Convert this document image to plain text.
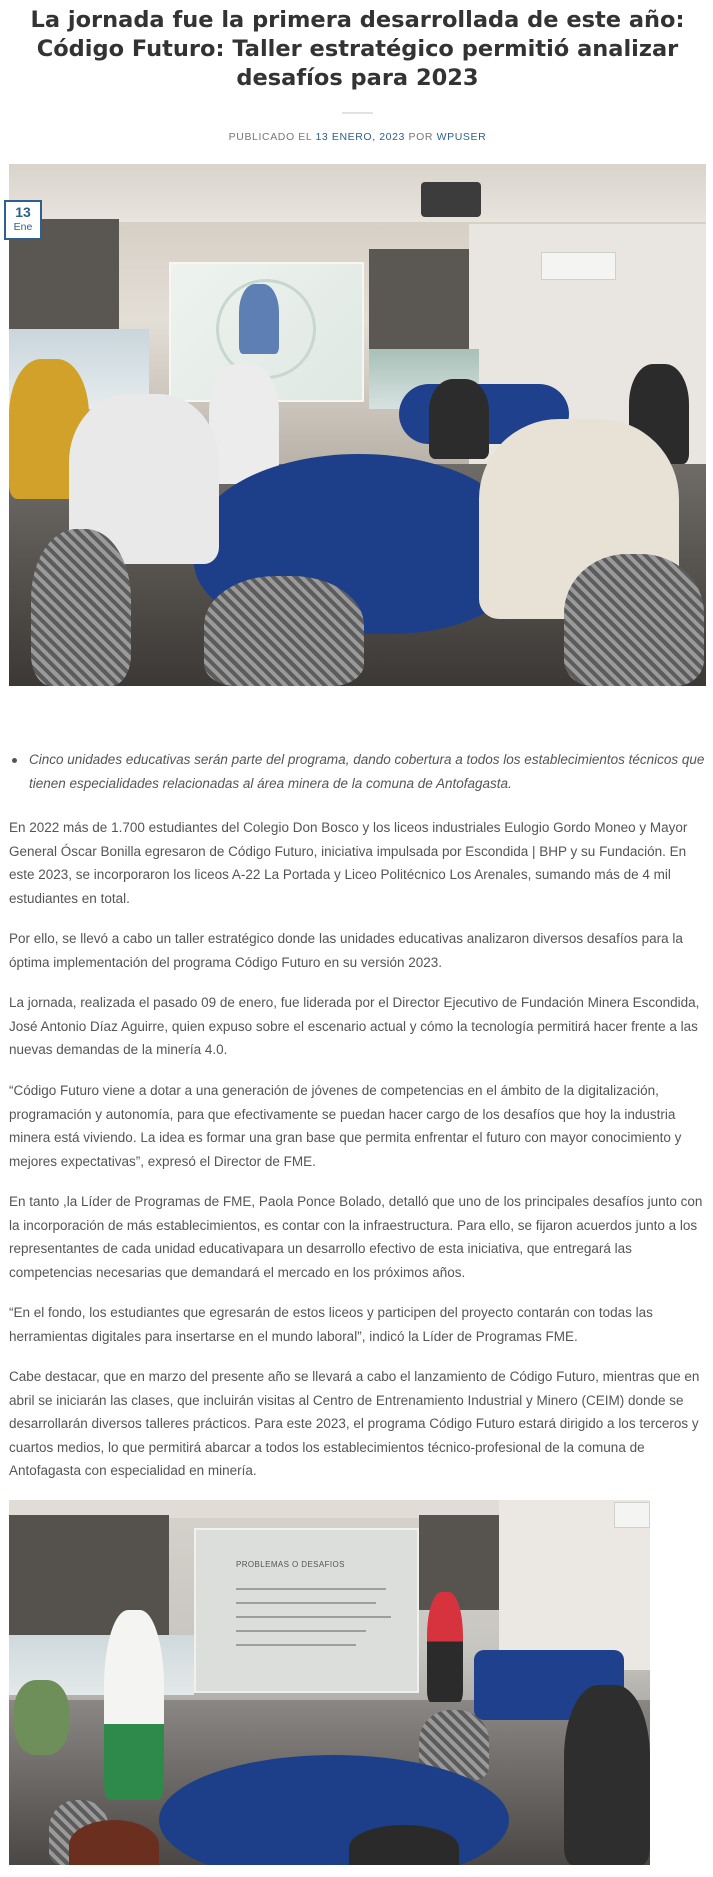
La jornada fue la primera desarrollada de este año: Código Futuro: Taller estratégico permitió analizar desafíos para 2023
PUBLICADO EL 13 ENERO, 2023 POR WPUSER
13
Ene
Cinco unidades educativas serán parte del programa, dando cobertura a todos los establecimientos técnicos que tienen especialidades relacionadas al área minera de la comuna de Antofagasta.

En 2022 más de 1.700 estudiantes del Colegio Don Bosco y los liceos industriales Eulogio Gordo Moneo y Mayor General Óscar Bonilla egresaron de Código Futuro, iniciativa impulsada por Escondida | BHP y su Fundación. En este 2023, se incorporaron los liceos A-22 La Portada y Liceo Politécnico Los Arenales, sumando más de 4 mil estudiantes en total.

Por ello, se llevó a cabo un taller estratégico donde las unidades educativas analizaron diversos desafíos para la óptima implementación del programa Código Futuro en su versión 2023.

La jornada, realizada el pasado 09 de enero, fue liderada por el Director Ejecutivo de Fundación Minera Escondida, José Antonio Díaz Aguirre, quien expuso sobre el escenario actual y cómo la tecnología permitirá hacer frente a las nuevas demandas de la minería 4.0.

“Código Futuro viene a dotar a una generación de jóvenes de competencias en el ámbito de la digitalización, programación y autonomía, para que efectivamente se puedan hacer cargo de los desafíos que hoy la industria minera está viviendo. La idea es formar una gran base que permita enfrentar el futuro con mayor conocimiento y mejores expectativas”, expresó el Director de FME.

En tanto ,la Líder de Programas de FME, Paola Ponce Bolado, detalló que uno de los principales desafíos junto con la incorporación de más establecimientos, es contar con la infraestructura. Para ello, se fijaron acuerdos junto a los representantes de cada unidad educativapara un desarrollo efectivo de esta iniciativa, que entregará las competencias necesarias que demandará el mercado en los próximos años.

“En el fondo, los estudiantes que egresarán de estos liceos y participen del proyecto contarán con todas las herramientas digitales para insertarse en el mundo laboral”, indicó la Líder de Programas FME.

Cabe destacar, que en marzo del presente año se llevará a cabo el lanzamiento de Código Futuro, mientras que en abril se iniciarán las clases, que incluirán visitas al Centro de Entrenamiento Industrial y Minero (CEIM) donde se desarrollarán diversos talleres prácticos. Para este 2023, el programa Código Futuro estará dirigido a los terceros y cuartos medios, lo que permitirá abarcar a todos los establecimientos técnico-profesional de la comuna de Antofagasta con especialidad en minería.

PROBLEMAS O DESAFIOS
